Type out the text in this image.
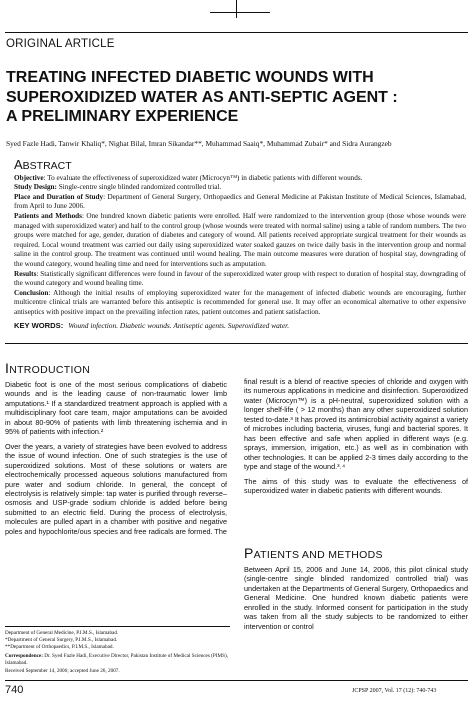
ORIGINAL ARTICLE
TREATING INFECTED DIABETIC WOUNDS WITH
SUPEROXIDIZED WATER AS ANTI-SEPTIC AGENT :
A PRELIMINARY EXPERIENCE
Syed Fazle Hadi, Tanwir Khaliq*, Nighat Bilal, Imran Sikandar**, Muhammad Saaiq*, Muhammad Zubair* and Sidra Aurangzeb
ABSTRACT

Objective: To evaluate the effectiveness of superoxidized water (Microcyn™) in diabetic patients with different wounds.

Study Design: Single-centre single blinded randomized controlled trial.

Place and Duration of Study: Department of General Surgery, Orthopaedics and General Medicine at Pakistan Institute of Medical Sciences, Islamabad, from April to June 2006.

Patients and Methods: One hundred known diabetic patients were enrolled. Half were randomized to the intervention group (those whose wounds were managed with superoxidized water) and half to the control group (whose wounds were treated with normal saline) using a table of random numbers. The two groups were matched for age, gender, duration of diabetes and category of wound. All patients received appropriate surgical treatment for their wounds as required. Local wound treatment was carried out daily using superoxidized water soaked gauzes on twice daily basis in the intervention group and normal saline in the control group. The treatment was continued until wound healing. The main outcome measures were duration of hospital stay, downgrading of the wound category, wound healing time and need for interventions such as amputation.

Results: Statistically significant differences were found in favour of the superoxidized water group with respect to duration of hospital stay, downgrading of the wound category and wound healing time.

Conclusion: Although the initial results of employing superoxidized water for the management of infected diabetic wounds are encouraging, further multicentre clinical trials are warranted before this antiseptic is recommended for general use. It may offer an economical alternative to other expensive antiseptics with positive impact on the prevailing infection rates, patient outcomes and patient satisfaction.

KEY WORDS: Wound infection. Diabetic wounds. Antiseptic agents. Superoxidized water.
INTRODUCTION

Diabetic foot is one of the most serious complications of diabetic wounds and is the leading cause of non-traumatic lower limb amputations.¹ If a standardized treatment approach is applied with a multidisciplinary foot care team, major amputations can be avoided in about 80-90% of patients with limb threatening ischemia and in 95% of patients with infection.²

Over the years, a variety of strategies have been evolved to address the issue of wound infection. One of such strategies is the use of superoxidized solutions. Most of these solutions or waters are electrochemically processed aqueous solutions manufactured from pure water and sodium chloride. In general, the concept of electrolysis is relatively simple: tap water is purified through reverse–osmosis and USP-grade sodium chloride is added before being submitted to an electric field. During the process of electrolysis, molecules are pulled apart in a chamber with positive and negative poles and hypochlorite/ous species and free radicals are formed. The

final result is a blend of reactive species of chloride and oxygen with its numerous applications in medicine and disinfection. Superoxidized water (Microcyn™) is a pH-neutral, superoxidized solution with a longer shelf-life ( > 12 months) than any other superoxidized solution tested to-date.³ It has proved its antimicrobial activity against a variety of microbes including bacteria, viruses, fungi and bacterial spores. It has been effective and safe when applied in different ways (e.g. sprays, immersion, irrigation, etc.) as well as in combination with other technologies. It can be applied 2-3 times daily according to the type and stage of the wound.³˒⁴

The aims of this study was to evaluate the effectiveness of superoxidized water in diabetic patients with different wounds.

PATIENTS AND METHODS

Between April 15, 2006 and June 14, 2006, this pilot clinical study (single-centre single blinded randomized controlled trial) was undertaken at the Departments of General Surgery, Orthopaedics and General Medicine. One hundred known diabetic patients were enrolled in the study. Informed consent for participation in the study was taken from all the study subjects to be randomized to either intervention or control

Department of General Medicine, P.I.M.S., Islamabad.
*Department of General Surgery, P.I.M.S., Islamabad.
**Department of Orthopaedics, P.I.M.S., Islamabad.
Correspondence: Dr. Syed Fazle Hadi, Executive Director, Pakistan Institute of Medical Sciences (PIMS), Islamabad.
Received September 14, 2006; accepted June 26, 2007.
740	JCPSP 2007, Vol. 17 (12): 740-743
